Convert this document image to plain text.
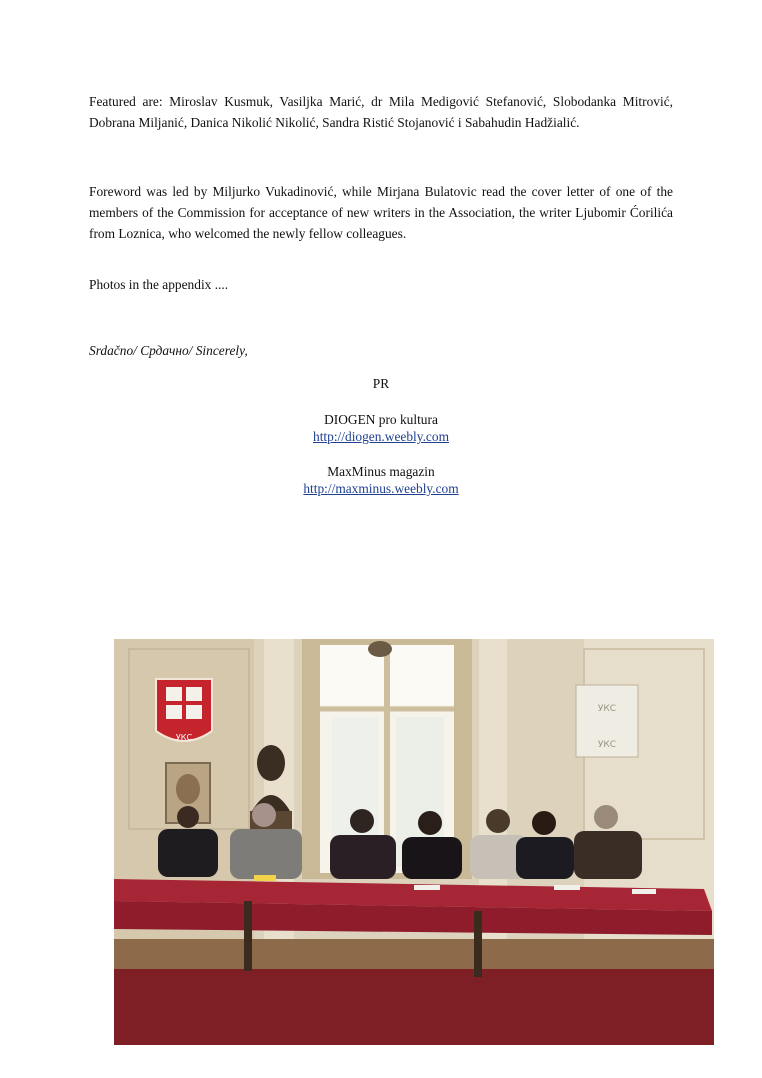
Featured are: Miroslav Kusmuk, Vasiljka Marić, dr Mila Medigović Stefanović, Slobodanka Mitrović, Dobrana Miljanić, Danica Nikolić Nikolić, Sandra Ristić Stojanović i Sabahudin Hadžialić.

Foreword was led by Miljurko Vukadinović, while Mirjana Bulatovic read the cover letter of one of the members of the Commission for acceptance of new writers in the Association, the writer Ljubomir Ćorilića from Loznica, who welcomed the newly fellow colleagues.

Photos in the appendix ....

Srdačno/ Срдачно/ Sincerely,

PR

DIOGEN pro kultura
http://diogen.weebly.com
MaxMinus magazin
http://maxminus.weebly.com
УКС
УКС
УКС
